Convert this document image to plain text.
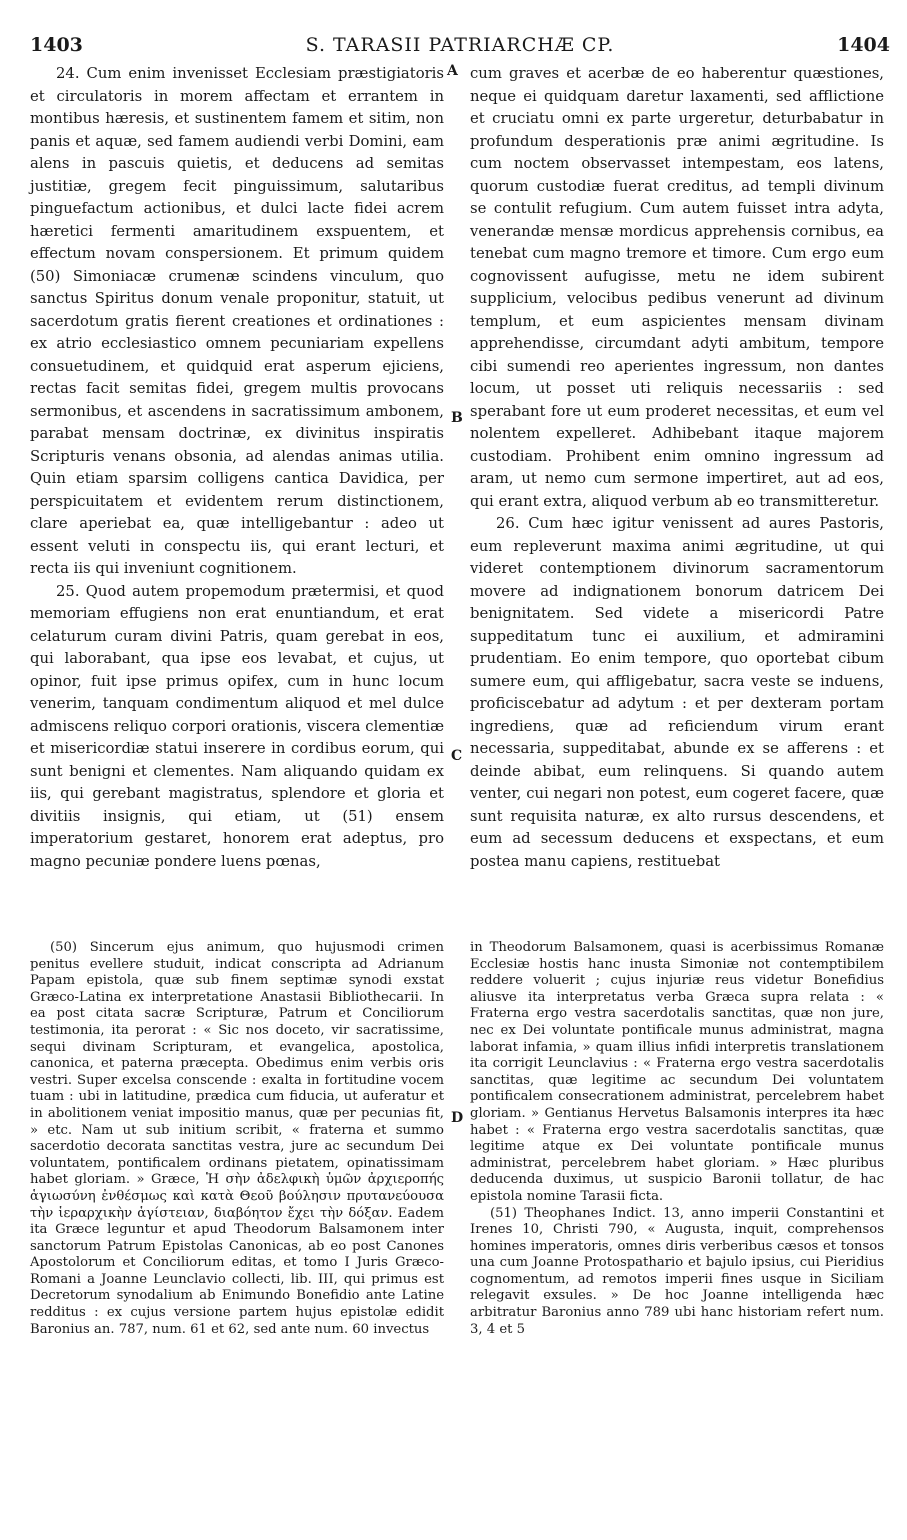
1403	S. TARASII PATRIARCHÆ CP.	1404
A
B
C
D

24. Cum enim invenisset Ecclesiam præstigiatoris et circulatoris in morem affectam et errantem in montibus hæresis, et sustinentem famem et sitim, non panis et aquæ, sed famem audiendi verbi Domini, eam alens in pascuis quietis, et deducens ad semitas justitiæ, gregem fecit pinguissimum, salutaribus pinguefactum actionibus, et dulci lacte fidei acrem hæretici fermenti amaritudinem exspuentem, et effectum novam conspersionem. Et primum quidem (50) Simoniacæ crumenæ scindens vinculum, quo sanctus Spiritus donum venale proponitur, statuit, ut sacerdotum gratis fierent creationes et ordinationes : ex atrio ecclesiastico omnem pecuniariam expellens consuetudinem, et quidquid erat asperum ejiciens, rectas facit semitas fidei, gregem multis provocans sermonibus, et ascendens in sacratissimum ambonem, parabat mensam doctrinæ, ex divinitus inspiratis Scripturis venans obsonia, ad alendas animas utilia. Quin etiam sparsim colligens cantica Davidica, per perspicuitatem et evidentem rerum distinctionem, clare aperiebat ea, quæ intelligebantur : adeo ut essent veluti in conspectu iis, qui erant lecturi, et recta iis qui inveniunt cognitionem.

25. Quod autem propemodum prætermisi, et quod memoriam effugiens non erat enuntiandum, et erat celaturum curam divini Patris, quam gerebat in eos, qui laborabant, qua ipse eos levabat, et cujus, ut opinor, fuit ipse primus opifex, cum in hunc locum venerim, tanquam condimentum aliquod et mel dulce admiscens reliquo corpori orationis, viscera clementiæ et misericordiæ statui inserere in cordibus eorum, qui sunt benigni et clementes. Nam aliquando quidam ex iis, qui gerebant magistratus, splendore et gloria et divitiis insignis, qui etiam, ut (51) ensem imperatorium gestaret, honorem erat adeptus, pro magno pecuniæ pondere luens pœnas,

cum graves et acerbæ de eo haberentur quæstiones, neque ei quidquam daretur laxamenti, sed afflictione et cruciatu omni ex parte urgeretur, deturbabatur in profundum desperationis præ animi ægritudine. Is cum noctem observasset intempestam, eos latens, quorum custodiæ fuerat creditus, ad templi divinum se contulit refugium. Cum autem fuisset intra adyta, venerandæ mensæ mordicus apprehensis cornibus, ea tenebat cum magno tremore et timore. Cum ergo eum cognovissent aufugisse, metu ne idem subirent supplicium, velocibus pedibus venerunt ad divinum templum, et eum aspicientes mensam divinam apprehendisse, circumdant adyti ambitum, tempore cibi sumendi reo aperientes ingressum, non dantes locum, ut posset uti reliquis necessariis : sed sperabant fore ut eum proderet necessitas, et eum vel nolentem expelleret. Adhibebant itaque majorem custodiam. Prohibent enim omnino ingressum ad aram, ut nemo cum sermone impertiret, aut ad eos, qui erant extra, aliquod verbum ab eo transmitteretur.

26. Cum hæc igitur venissent ad aures Pastoris, eum repleverunt maxima animi ægritudine, ut qui videret contemptionem divinorum sacramentorum movere ad indignationem bonorum datricem Dei benignitatem. Sed videte a misericordi Patre suppeditatum tunc ei auxilium, et admiramini prudentiam. Eo enim tempore, quo oportebat cibum sumere eum, qui affligebatur, sacra veste se induens, proficiscebatur ad adytum : et per dexteram portam ingrediens, quæ ad reficiendum virum erant necessaria, suppeditabat, abunde ex se afferens : et deinde abibat, eum relinquens. Si quando autem venter, cui negari non potest, eum cogeret facere, quæ sunt requisita naturæ, ex alto rursus descendens, et eum ad secessum deducens et exspectans, et eum postea manu capiens, restituebat

(50) Sincerum ejus animum, quo hujusmodi crimen penitus evellere studuit, indicat conscripta ad Adrianum Papam epistola, quæ sub finem septimæ synodi exstat Græco-Latina ex interpretatione Anastasii Bibliothecarii. In ea post citata sacræ Scripturæ, Patrum et Conciliorum testimonia, ita perorat : « Sic nos doceto, vir sacratissime, sequi divinam Scripturam, et evangelica, apostolica, canonica, et paterna præcepta. Obedimus enim verbis oris vestri. Super excelsa conscende : exalta in fortitudine vocem tuam : ubi in latitudine, prædica cum fiducia, ut auferatur et in abolitionem veniat impositio manus, quæ per pecunias fit, » etc. Nam ut sub initium scribit, « fraterna et summo sacerdotio decorata sanctitas vestra, jure ac secundum Dei voluntatem, pontificalem ordinans pietatem, opinatissimam habet gloriam. » Græce, Ἡ σὴν ἀδελφικὴ ὑμῶν ἀρχιεροπής ἁγιωσύνη ἐνθέσμως καὶ κατὰ Θεοῦ βούλησιν πρυτανεύουσα τὴν ἱεραρχικὴν ἁγίστειαν, διαβόητον ἔχει τὴν δόξαν. Eadem ita Græce leguntur et apud Theodorum Balsamonem inter sanctorum Patrum Epistolas Canonicas, ab eo post Canones Apostolorum et Conciliorum editas, et tomo I Juris Græco-Romani a Joanne Leunclavio collecti, lib. III, qui primus est Decretorum synodalium ab Enimundo Bonefidio ante Latine redditus : ex cujus versione partem hujus epistolæ edidit Baronius an. 787, num. 61 et 62, sed ante num. 60 invectus

in Theodorum Balsamonem, quasi is acerbissimus Romanæ Ecclesiæ hostis hanc inusta Simoniæ not contemptibilem reddere voluerit ; cujus injuriæ reus videtur Bonefidius aliusve ita interpretatus verba Græca supra relata : « Fraterna ergo vestra sacerdotalis sanctitas, quæ non jure, nec ex Dei voluntate pontificale munus administrat, magna laborat infamia, » quam illius infidi interpretis translationem ita corrigit Leunclavius : « Fraterna ergo vestra sacerdotalis sanctitas, quæ legitime ac secundum Dei voluntatem pontificalem consecrationem administrat, percelebrem habet gloriam. » Gentianus Hervetus Balsamonis interpres ita hæc habet : « Fraterna ergo vestra sacerdotalis sanctitas, quæ legitime atque ex Dei voluntate pontificale munus administrat, percelebrem habet gloriam. » Hæc pluribus deducenda duximus, ut suspicio Baronii tollatur, de hac epistola nomine Tarasii ficta.

(51) Theophanes Indict. 13, anno imperii Constantini et Irenes 10, Christi 790, « Augusta, inquit, comprehensos homines imperatoris, omnes diris verberibus cæsos et tonsos una cum Joanne Protospathario et bajulo ipsius, cui Pieridius cognomentum, ad remotos imperii fines usque in Siciliam relegavit exsules. » De hoc Joanne intelligenda hæc arbitratur Baronius anno 789 ubi hanc historiam refert num. 3, 4 et 5
